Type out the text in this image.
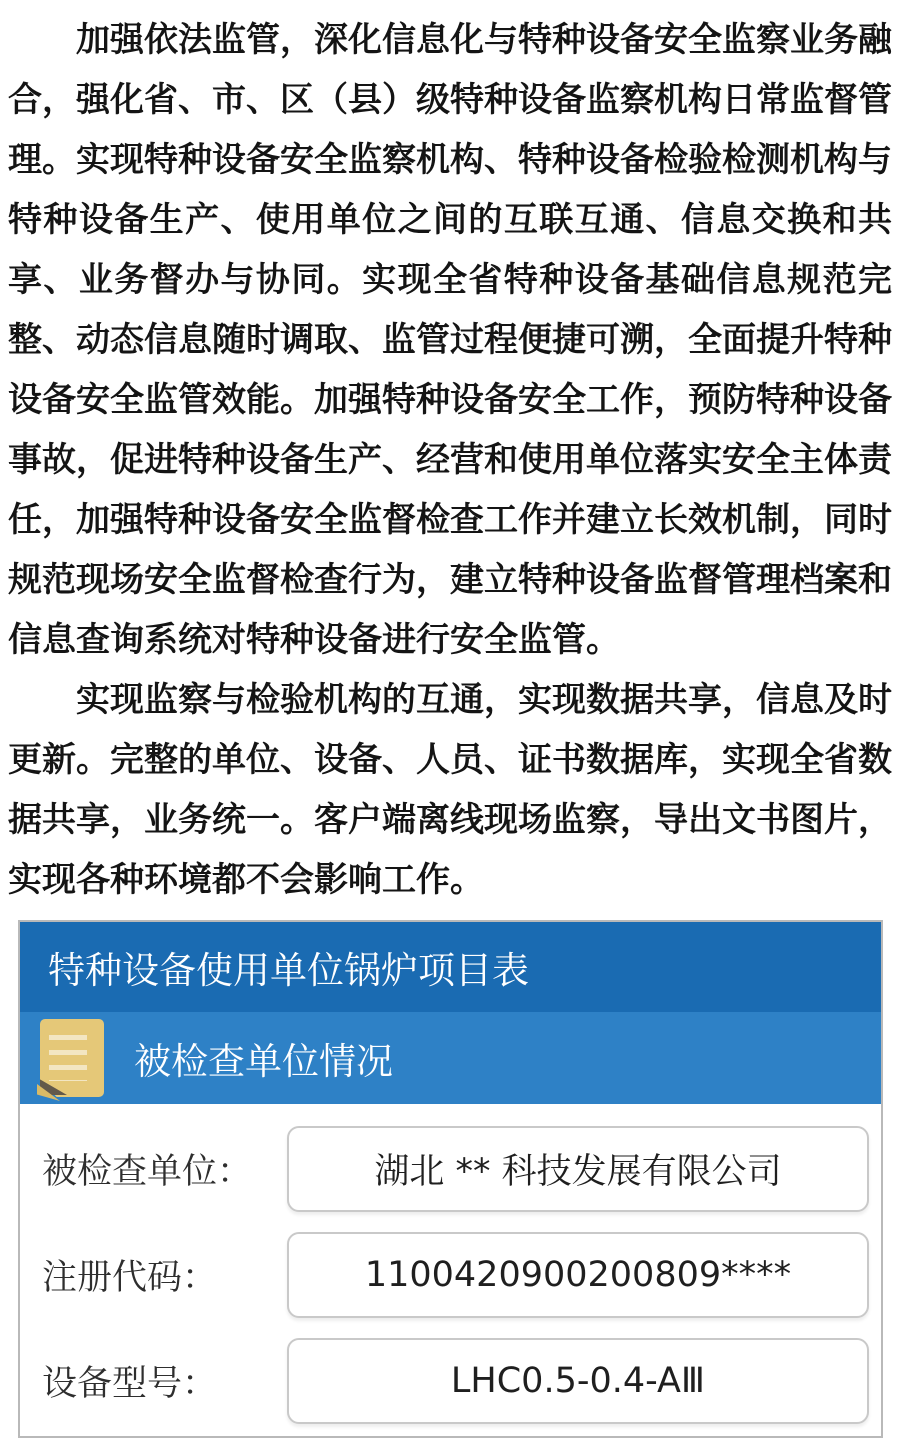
加强依法监管，深化信息化与特种设备安全监察业务融合，强化省、市、区（县）级特种设备监察机构日常监督管理。实现特种设备安全监察机构、特种设备检验检测机构与特种设备生产、使用单位之间的互联互通、信息交换和共享、业务督办与协同。实现全省特种设备基础信息规范完整、动态信息随时调取、监管过程便捷可溯，全面提升特种设备安全监管效能。加强特种设备安全工作，预防特种设备事故，促进特种设备生产、经营和使用单位落实安全主体责任，加强特种设备安全监督检查工作并建立长效机制，同时规范现场安全监督检查行为，建立特种设备监督管理档案和信息查询系统对特种设备进行安全监管。

实现监察与检验机构的互通，实现数据共享，信息及时更新。完整的单位、设备、人员、证书数据库，实现全省数据共享，业务统一。客户端离线现场监察，导出文书图片，实现各种环境都不会影响工作。

特种设备使用单位锅炉项目表
被检查单位情况
被检查单位：	湖北 ** 科技发展有限公司
注册代码：	1100420900200809****
设备型号：	LHC0.5-0.4-AⅢ
